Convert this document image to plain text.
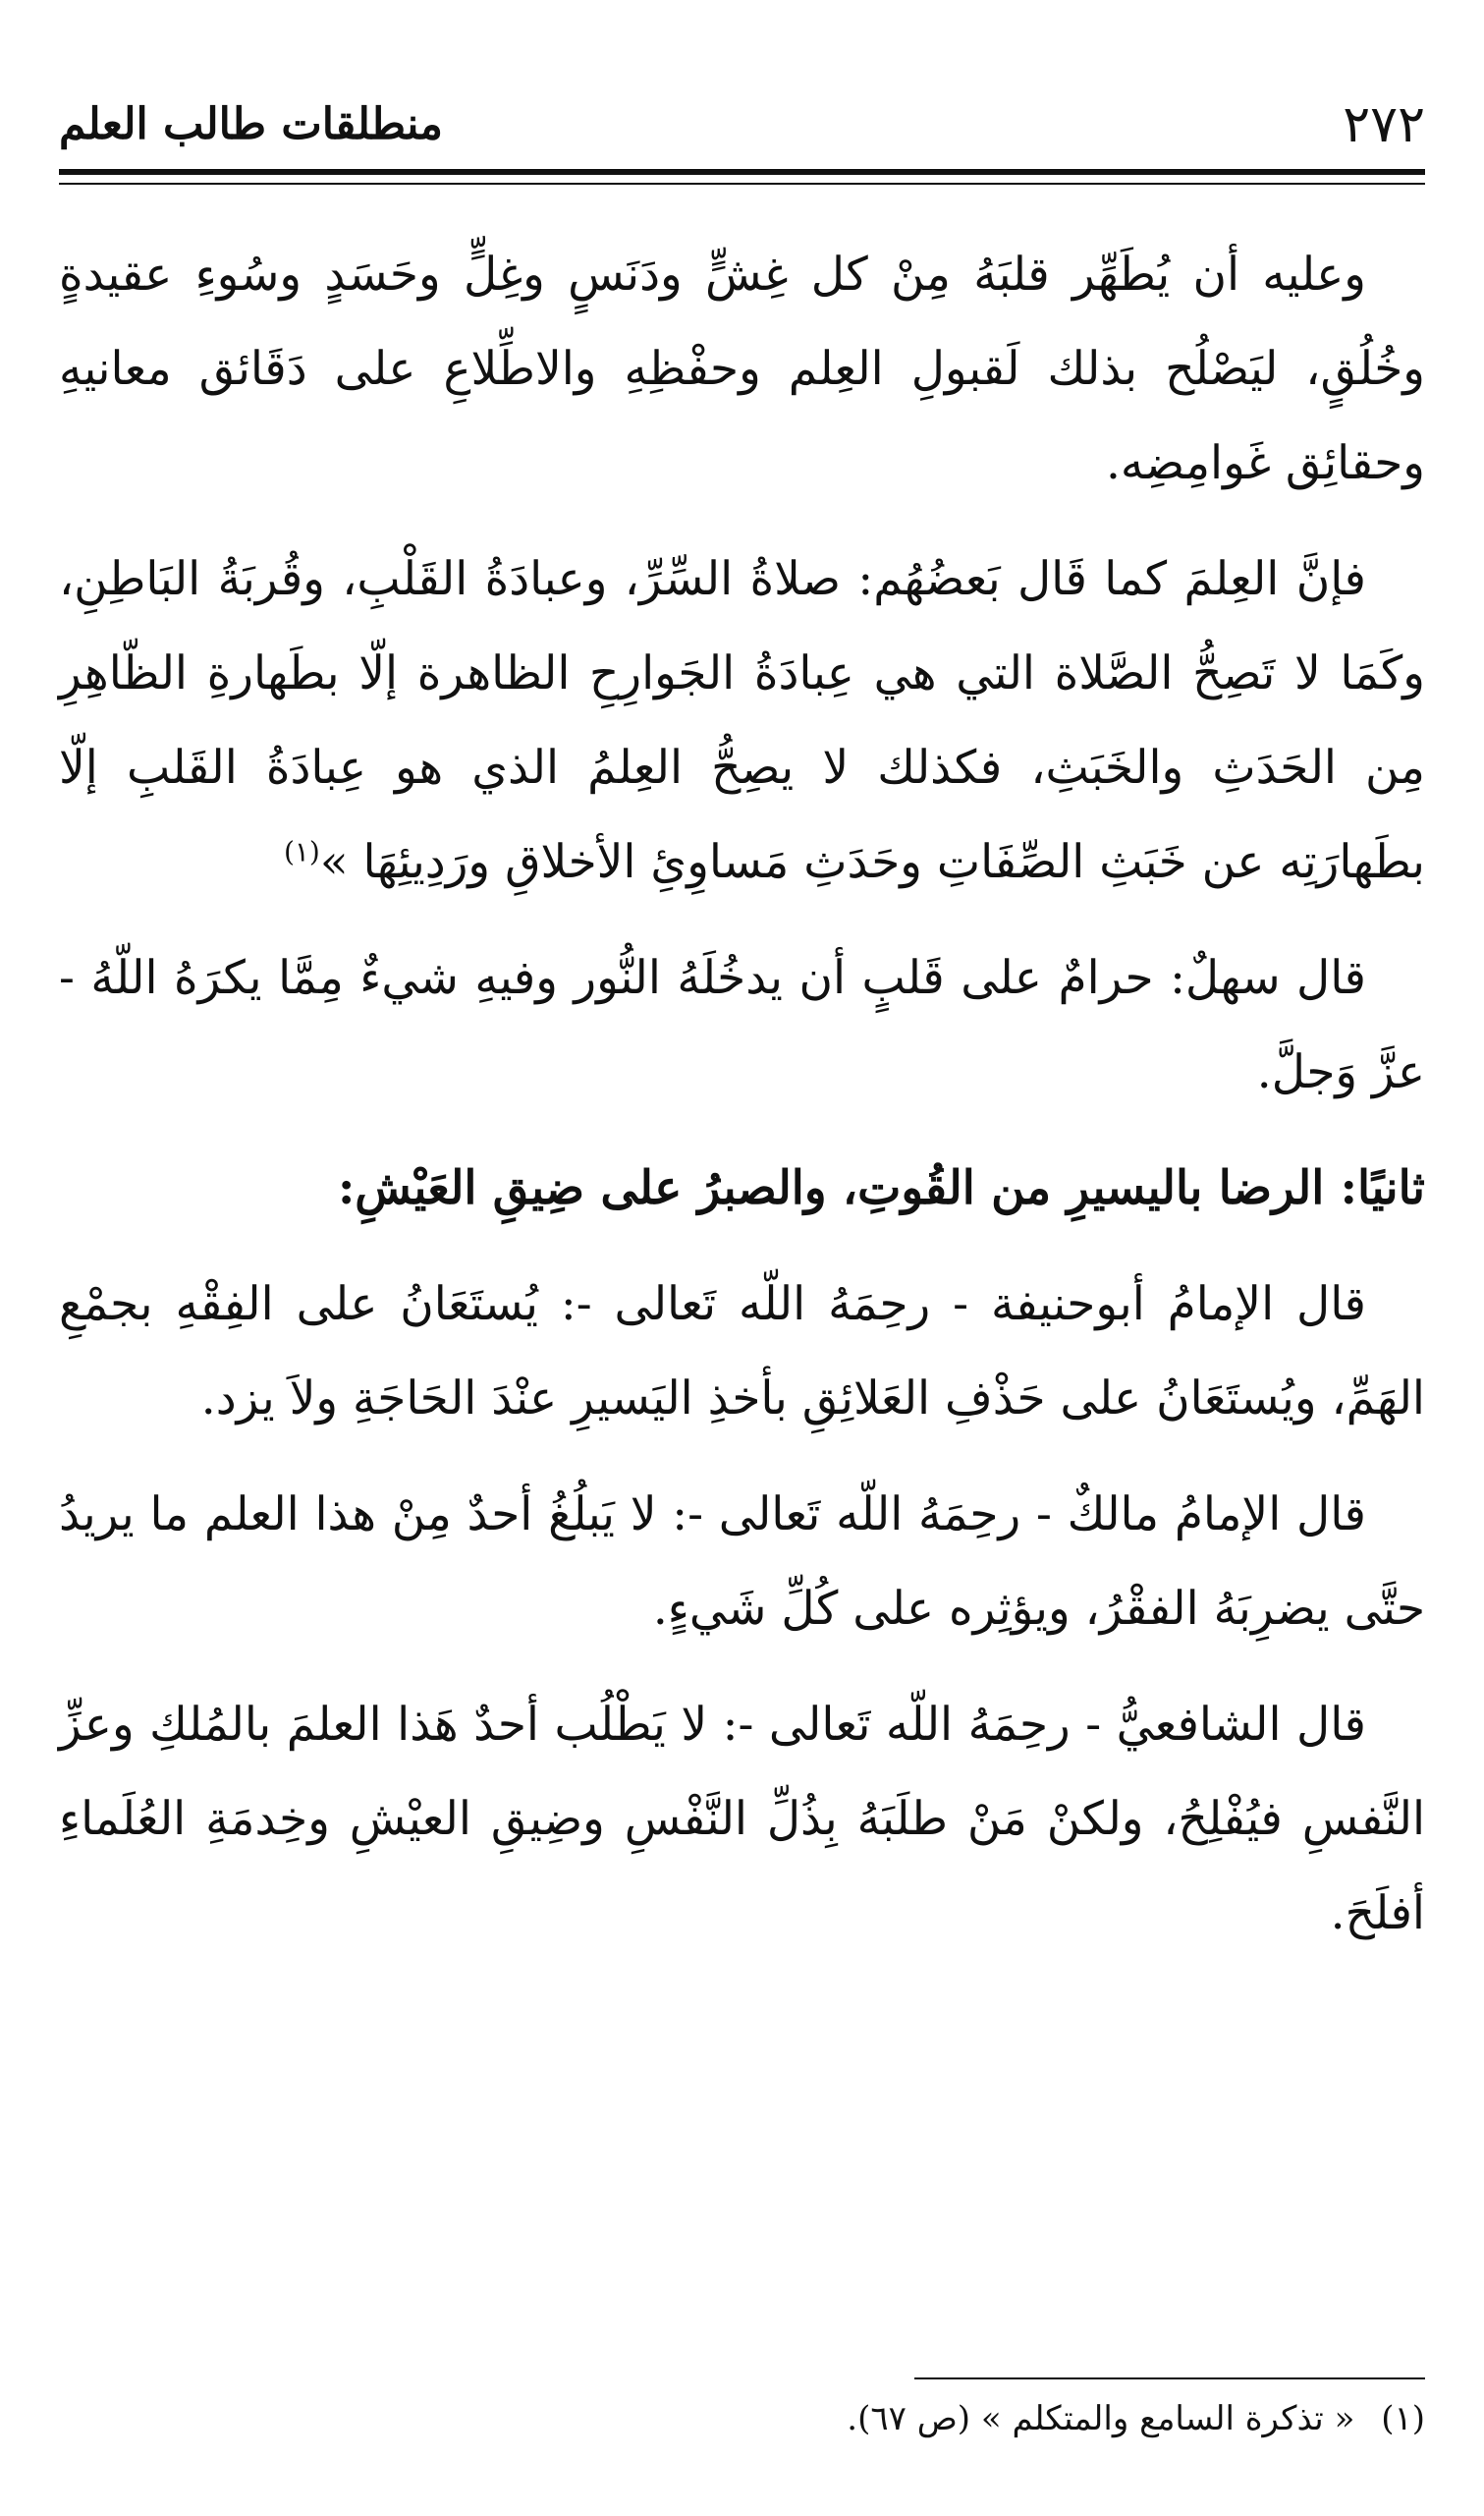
٢٧٢
منطلقات طالب العلم

وعليه أن يُطَهِّر قلبَهُ مِنْ كل غِشٍّ ودَنَسٍ وغِلٍّ وحَسَدٍ وسُوءِ عقيدةٍ وخُلُقٍ، ليَصْلُح بذلك لَقبولِ العِلم وحفْظِهِ والاطِّلاعِ على دَقَائق معانيهِ وحقائِق غَوامِضِه.

فإنَّ العِلمَ كما قَال بَعضُهُم: صلاةُ السِّرِّ، وعبادَةُ القَلْبِ، وقُربَةُ البَاطِنِ، وكَمَا لا تَصِحُّ الصَّلاة التي هي عِبادَةُ الجَوارِحِ الظاهرة إلّا بطَهارةِ الظّاهِرِ مِن الحَدَثِ والخَبَثِ، فكذلك لا يصِحُّ العِلمُ الذي هو عِبادَةُ القَلبِ إلّا بطَهارَتِه عن خَبَثِ الصِّفَاتِ وحَدَثِ مَساوِئِ الأخلاقِ ورَدِيئِهَا »$^{(١)}$

قال سهلٌ: حرامٌ على قَلبٍ أن يدخُلَهُ النُّور وفيهِ شيءٌ مِمَّا يكرَهُ اللّهُ - عزَّ وَجلَّ.

ثانيًا: الرضا باليسيرِ من القُوتِ، والصبرُ على ضِيقِ العَيْشِ:

قال الإمامُ أبوحنيفة - رحِمَهُ اللّه تَعالى -: يُستَعَانُ على الفِقْهِ بجمْعِ الهَمِّ، ويُستَعَانُ على حَذْفِ العَلائِقِ بأخذِ اليَسيرِ عنْدَ الحَاجَةِ ولاَ يزد.

قال الإمامُ مالكٌ - رحِمَهُ اللّه تَعالى -: لا يَبلُغُ أحدٌ مِنْ هذا العلم ما يريدُ حتَّى يضرِبَهُ الفقْرُ، ويؤثِره على كُلِّ شَيءٍ.

قال الشافعيُّ - رحِمَهُ اللّه تَعالى -: لا يَطْلُب أحدٌ هَذا العلمَ بالمُلكِ وعزِّ النَّفسِ فيُفْلِحُ، ولكنْ مَنْ طلَبَهُ بِذُلِّ النَّفْسِ وضِيقِ العيْشِ وخِدمَةِ العُلَماءِ أفلَحَ.

(١) « تذكرة السامع والمتكلم » (ص ٦٧).
